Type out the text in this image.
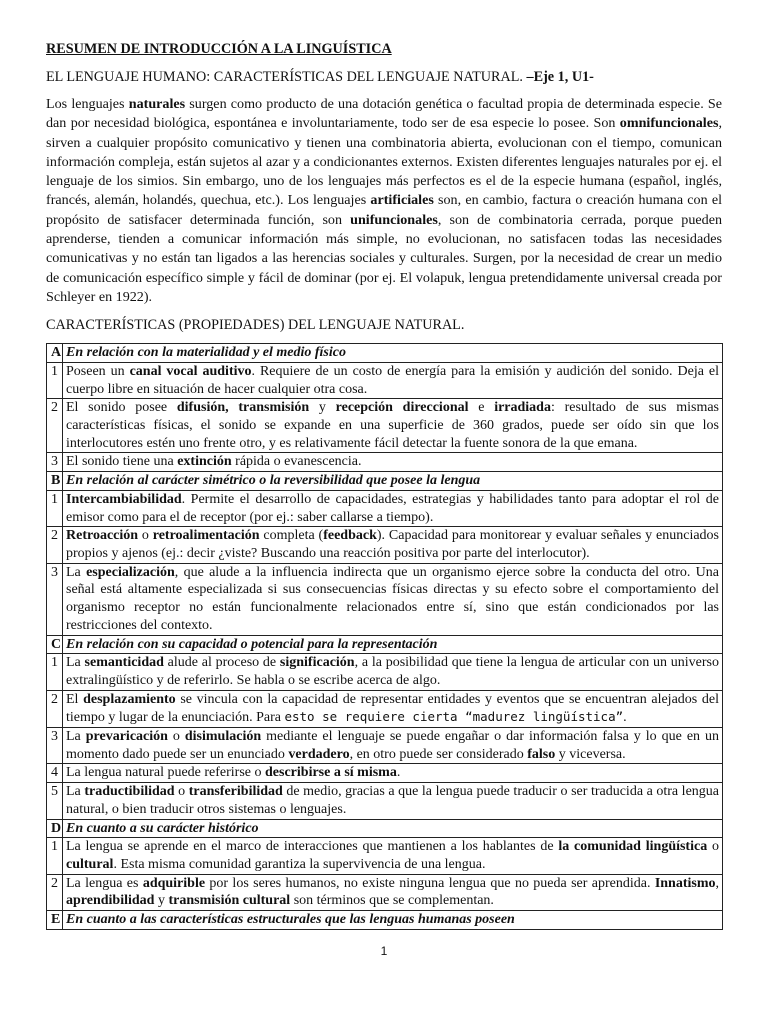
RESUMEN DE INTRODUCCIÓN A LA LINGUÍSTICA
EL LENGUAJE HUMANO: CARACTERÍSTICAS DEL LENGUAJE NATURAL. –Eje 1, U1-
Los lenguajes naturales surgen como producto de una dotación genética o facultad propia de determinada especie. Se dan por necesidad biológica, espontánea e involuntariamente, todo ser de esa especie lo posee. Son omnifuncionales, sirven a cualquier propósito comunicativo y tienen una combinatoria abierta, evolucionan con el tiempo, comunican información compleja, están sujetos al azar y a condicionantes externos. Existen diferentes lenguajes naturales por ej. el lenguaje de los simios. Sin embargo, uno de los lenguajes más perfectos es el de la especie humana (español, inglés, francés, alemán, holandés, quechua, etc.). Los lenguajes artificiales son, en cambio, factura o creación humana con el propósito de satisfacer determinada función, son unifuncionales, son de combinatoria cerrada, porque pueden aprenderse, tienden a comunicar información más simple, no evolucionan, no satisfacen todas las necesidades comunicativas y no están tan ligados a las herencias sociales y culturales. Surgen, por la necesidad de crear un medio de comunicación específico simple y fácil de dominar (por ej. El volapuk, lengua pretendidamente universal creada por Schleyer en 1922).
CARACTERÍSTICAS (PROPIEDADES) DEL LENGUAJE NATURAL.
A	En relación con la materialidad y el medio físico
1	Poseen un canal vocal auditivo. Requiere de un costo de energía para la emisión y audición del sonido. Deja el cuerpo libre en situación de hacer cualquier otra cosa.
2	El sonido posee difusión, transmisión y recepción direccional e irradiada: resultado de sus mismas características físicas, el sonido se expande en una superficie de 360 grados, puede ser oído sin que los interlocutores estén uno frente otro, y es relativamente fácil detectar la fuente sonora de la que emana.
3	El sonido tiene una extinción rápida o evanescencia.
B	En relación al carácter simétrico o la reversibilidad que posee la lengua
1	Intercambiabilidad. Permite el desarrollo de capacidades, estrategias y habilidades tanto para adoptar el rol de emisor como para el de receptor (por ej.: saber callarse a tiempo).
2	Retroacción o retroalimentación completa (feedback). Capacidad para monitorear y evaluar señales y enunciados propios y ajenos (ej.: decir ¿viste? Buscando una reacción positiva por parte del interlocutor).
3	La especialización, que alude a la influencia indirecta que un organismo ejerce sobre la conducta del otro. Una señal está altamente especializada si sus consecuencias físicas directas y su efecto sobre el comportamiento del organismo receptor no están funcionalmente relacionados entre sí, sino que están condicionados por las restricciones del contexto.
C	En relación con su capacidad o potencial para la representación
1	La semanticidad alude al proceso de significación, a la posibilidad que tiene la lengua de articular con un universo extralingüístico y de referirlo. Se habla o se escribe acerca de algo.
2	El desplazamiento se vincula con la capacidad de representar entidades y eventos que se encuentran alejados del tiempo y lugar de la enunciación. Para esto se requiere cierta “madurez lingüística”.
3	La prevaricación o disimulación mediante el lenguaje se puede engañar o dar información falsa y lo que en un momento dado puede ser un enunciado verdadero, en otro puede ser considerado falso y viceversa.
4	La lengua natural puede referirse o describirse a sí misma.
5	La traductibilidad o transferibilidad de medio, gracias a que la lengua puede traducir o ser traducida a otra lengua natural, o bien traducir otros sistemas o lenguajes.
D	En cuanto a su carácter histórico
1	La lengua se aprende en el marco de interacciones que mantienen a los hablantes de la comunidad lingüística o cultural. Esta misma comunidad garantiza la supervivencia de una lengua.
2	La lengua es adquirible por los seres humanos, no existe ninguna lengua que no pueda ser aprendida. Innatismo, aprendibilidad y transmisión cultural son términos que se complementan.
E	En cuanto a las características estructurales que las lenguas humanas poseen
1
